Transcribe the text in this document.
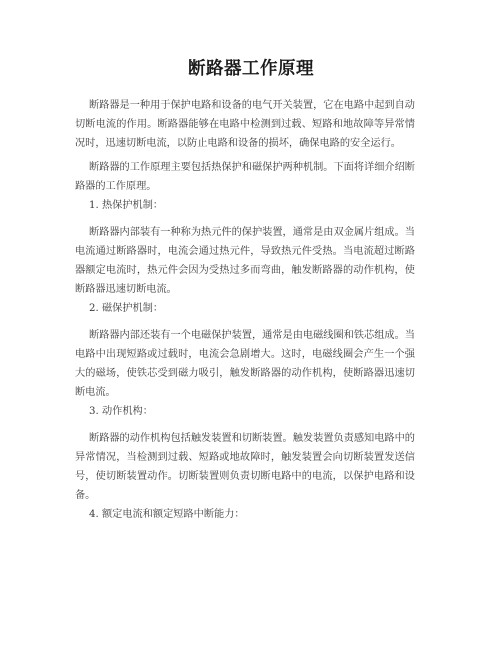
断路器工作原理

断路器是一种用于保护电路和设备的电气开关装置，它在电路中起到自动切断电流的作用。断路器能够在电路中检测到过载、短路和地故障等异常情况时，迅速切断电流，以防止电路和设备的损坏，确保电路的安全运行。

断路器的工作原理主要包括热保护和磁保护两种机制。下面将详细介绍断路器的工作原理。

1. 热保护机制：

断路器内部装有一种称为热元件的保护装置，通常是由双金属片组成。当电流通过断路器时，电流会通过热元件，导致热元件受热。当电流超过断路器额定电流时，热元件会因为受热过多而弯曲，触发断路器的动作机构，使断路器迅速切断电流。

2. 磁保护机制：

断路器内部还装有一个电磁保护装置，通常是由电磁线圈和铁芯组成。当电路中出现短路或过载时，电流会急剧增大。这时，电磁线圈会产生一个强大的磁场，使铁芯受到磁力吸引，触发断路器的动作机构，使断路器迅速切断电流。

3. 动作机构：

断路器的动作机构包括触发装置和切断装置。触发装置负责感知电路中的异常情况，当检测到过载、短路或地故障时，触发装置会向切断装置发送信号，使切断装置动作。切断装置则负责切断电路中的电流，以保护电路和设备。

4. 额定电流和额定短路中断能力：
